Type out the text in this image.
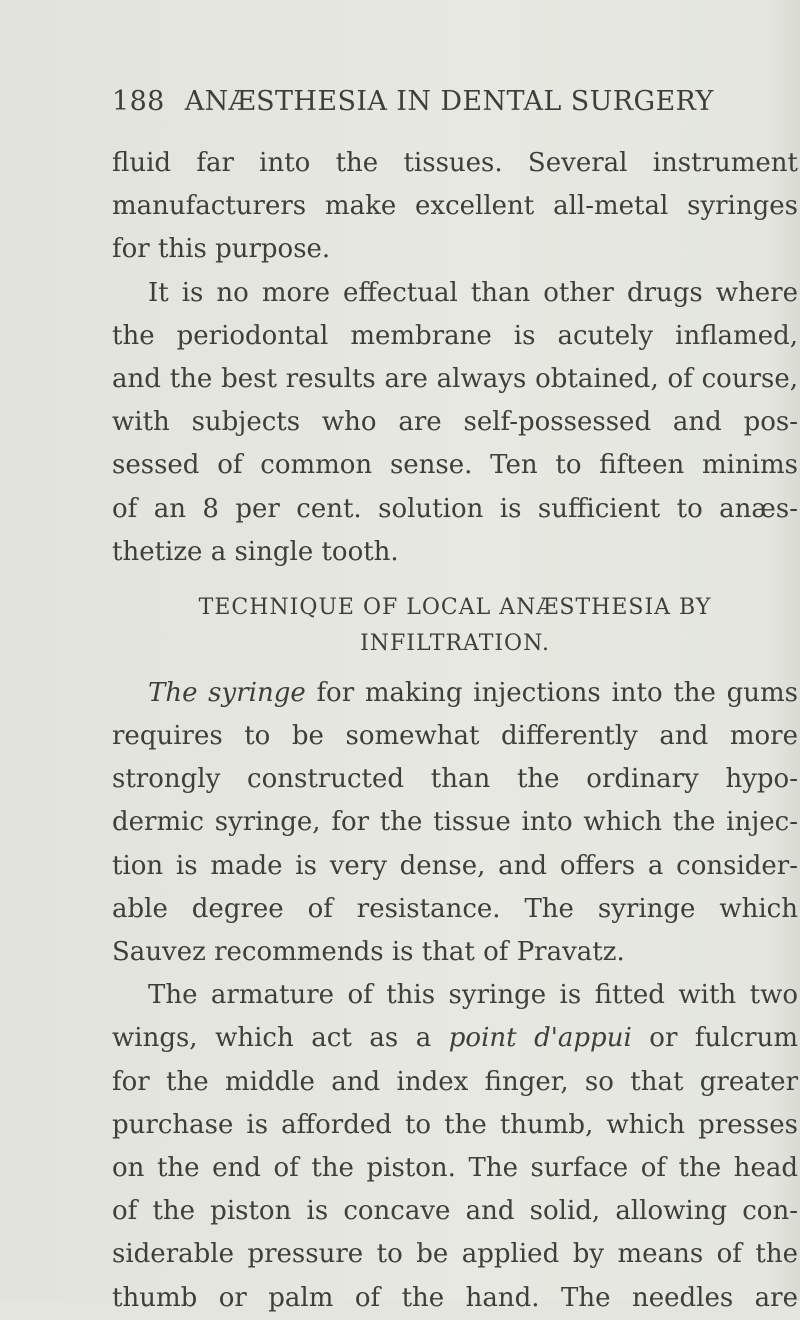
188 ANÆSTHESIA IN DENTAL SURGERY
fluid far into the tissues. Several instrument
manufacturers make excellent all-metal syringes
for this purpose.
It is no more effectual than other drugs where
the periodontal membrane is acutely inflamed,
and the best results are always obtained, of course,
with subjects who are self-possessed and pos-
sessed of common sense. Ten to fifteen minims
of an 8 per cent. solution is sufficient to anæs-
thetize a single tooth.
TECHNIQUE OF LOCAL ANÆSTHESIA BY
INFILTRATION.
The syringe for making injections into the gums
requires to be somewhat differently and more
strongly constructed than the ordinary hypo-
dermic syringe, for the tissue into which the injec-
tion is made is very dense, and offers a consider-
able degree of resistance. The syringe which
Sauvez recommends is that of Pravatz.
The armature of this syringe is fitted with two
wings, which act as a point d'appui or fulcrum
for the middle and index finger, so that greater
purchase is afforded to the thumb, which presses
on the end of the piston. The surface of the head
of the piston is concave and solid, allowing con-
siderable pressure to be applied by means of the
thumb or palm of the hand. The needles are
